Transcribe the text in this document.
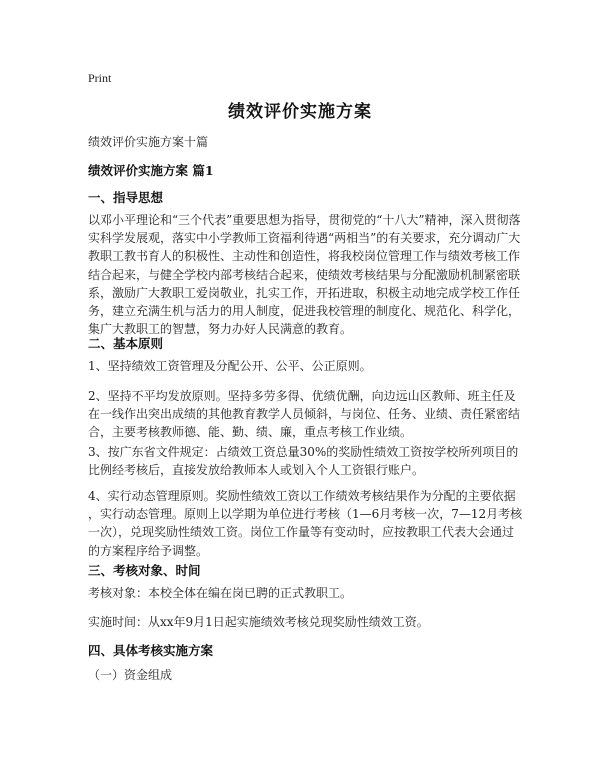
Print
绩效评价实施方案
绩效评价实施方案十篇
绩效评价实施方案 篇1
一、指导思想
以邓小平理论和“三个代表”重要思想为指导，贯彻党的“十八大”精神，深入贯彻落
实科学发展观，落实中小学教师工资福利待遇“两相当”的有关要求，充分调动广大
教职工教书育人的积极性、主动性和创造性，将我校岗位管理工作与绩效考核工作
结合起来，与健全学校内部考核结合起来，使绩效考核结果与分配激励机制紧密联
系，激励广大教职工爱岗敬业，扎实工作，开拓进取，积极主动地完成学校工作任
务，建立充满生机与活力的用人制度，促进我校管理的制度化、规范化、科学化，
集广大教职工的智慧，努力办好人民满意的教育。
二、基本原则
1、坚持绩效工资管理及分配公开、公平、公正原则。
2、坚持不平均发放原则。坚持多劳多得、优绩优酬，向边远山区教师、班主任及
在一线作出突出成绩的其他教育教学人员倾斜，与岗位、任务、业绩、责任紧密结
合，主要考核教师德、能、勤、绩、廉，重点考核工作业绩。
3、按广东省文件规定：占绩效工资总量30%的奖励性绩效工资按学校所列项目的
比例经考核后，直接发放给教师本人或划入个人工资银行账户。
4、实行动态管理原则。奖励性绩效工资以工作绩效考核结果作为分配的主要依据
，实行动态管理。原则上以学期为单位进行考核（1—6月考核一次，7—12月考核
一次），兑现奖励性绩效工资。岗位工作量等有变动时，应按教职工代表大会通过
的方案程序给予调整。
三、考核对象、时间
考核对象：本校全体在编在岗已聘的正式教职工。
实施时间：从xx年9月1日起实施绩效考核兑现奖励性绩效工资。
四、具体考核实施方案
（一）资金组成
